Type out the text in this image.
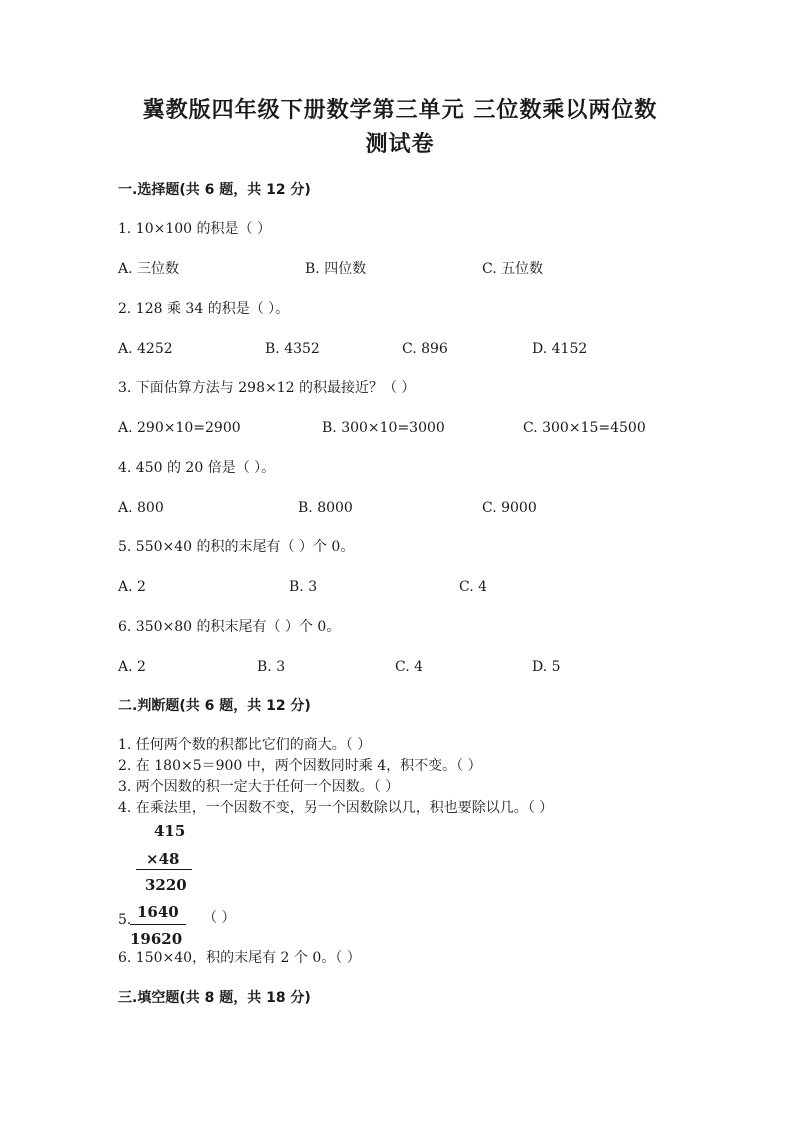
冀教版四年级下册数学第三单元 三位数乘以两位数
测试卷
一.选择题(共 6 题，共 12 分)
1. 10×100 的积是（ ）
A. 三位数	B. 四位数	C. 五位数
2. 128 乘 34 的积是（ ）。
A. 4252	B. 4352	C. 896	D. 4152
3. 下面估算方法与 298×12 的积最接近？（ ）
A. 290×10=2900	B. 300×10=3000	C. 300×15=4500
4. 450 的 20 倍是（ ）。
A. 800	B. 8000	C. 9000
5. 550×40 的积的末尾有（ ）个 0。
A. 2	B. 3	C. 4
6. 350×80 的积末尾有（ ）个 0。
A. 2	B. 3	C. 4	D. 5
二.判断题(共 6 题，共 12 分)
1. 任何两个数的积都比它们的商大。（ ）
2. 在 180×5＝900 中，两个因数同时乘 4，积不变。（ ）
3. 两个因数的积一定大于任何一个因数。（ ）
4. 在乘法里，一个因数不变，另一个因数除以几，积也要除以几。（ ）
415
×48
3220
5. 1640
19620
（ ）
6. 150×40，积的末尾有 2 个 0。（ ）
三.填空题(共 8 题，共 18 分)
